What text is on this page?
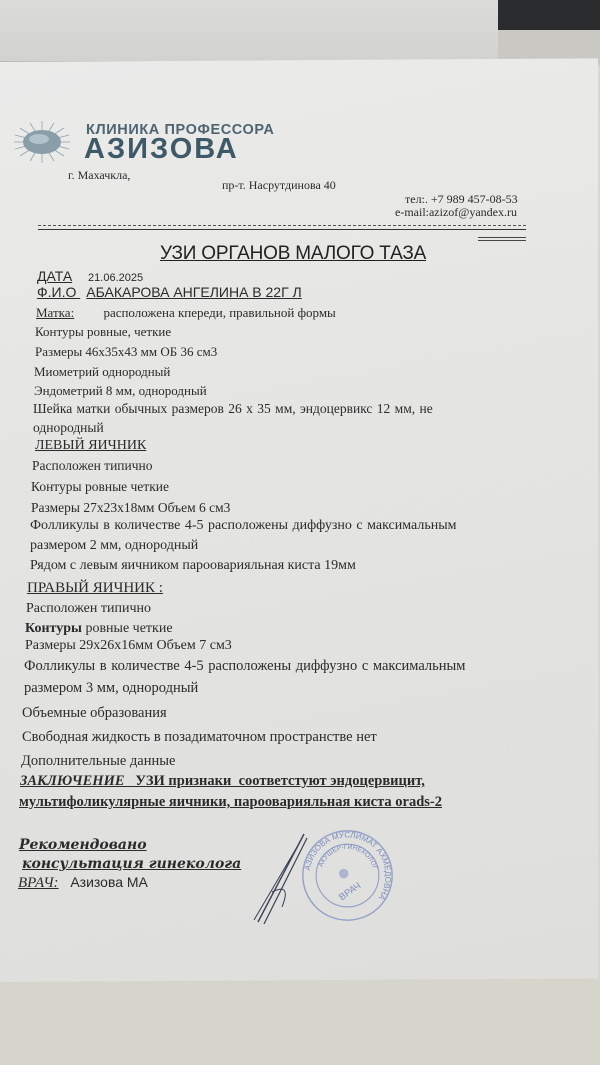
КЛИНИКА ПРОФЕССОРА
АЗИЗОВА
г. Махачкла,
пр-т. Насрутдинова 40
тел:. +7 989 457-08-53
e-mail:azizof@yandex.ru
УЗИ ОРГАНОВ МАЛОГО ТАЗА
ДАТА 21.06.2025
Ф.И.О АБАКАРОВА АНГЕЛИНА В 22Г Л
Матка: расположена кпереди, правильной формы
Контуры ровные, четкие
Размеры 46х35х43 мм ОБ 36 см3
Миометрий однородный
Эндометрий 8 мм, однородный
Шейка матки обычных размеров 26 х 35 мм, эндоцервикс 12 мм, не
однородный
ЛЕВЫЙ ЯИЧНИК
Расположен типично
Контуры ровные четкие
Размеры 27х23х18мм Объем 6 см3
Фолликулы в количестве 4-5 расположены диффузно с максимальным
размером 2 мм, однородный
Рядом с левым яичником парооварияльная киста 19мм
ПРАВЫЙ ЯИЧНИК :
Расположен типично
Контуры ровные четкие
Размеры 29х26х16мм Объем 7 см3
Фолликулы в количестве 4-5 расположены диффузно с максимальным
размером 3 мм, однородный
Объемные образования
Свободная жидкость в позадиматочном пространстве нет
Дополнительные данные
ЗАКЛЮЧЕНИЕ   УЗИ признаки  соответстуют эндоцервицит,
мультифоликулярные яичники, парооварияльная киста orads-2
Рекомендовано
консультация гинеколога
ВРАЧ: Азизова МА
АЗИЗОВА МУСЛИМАТ АХМЕДОВНА
АКУШЕР-ГИНЕКОЛОГ
ВРАЧ
